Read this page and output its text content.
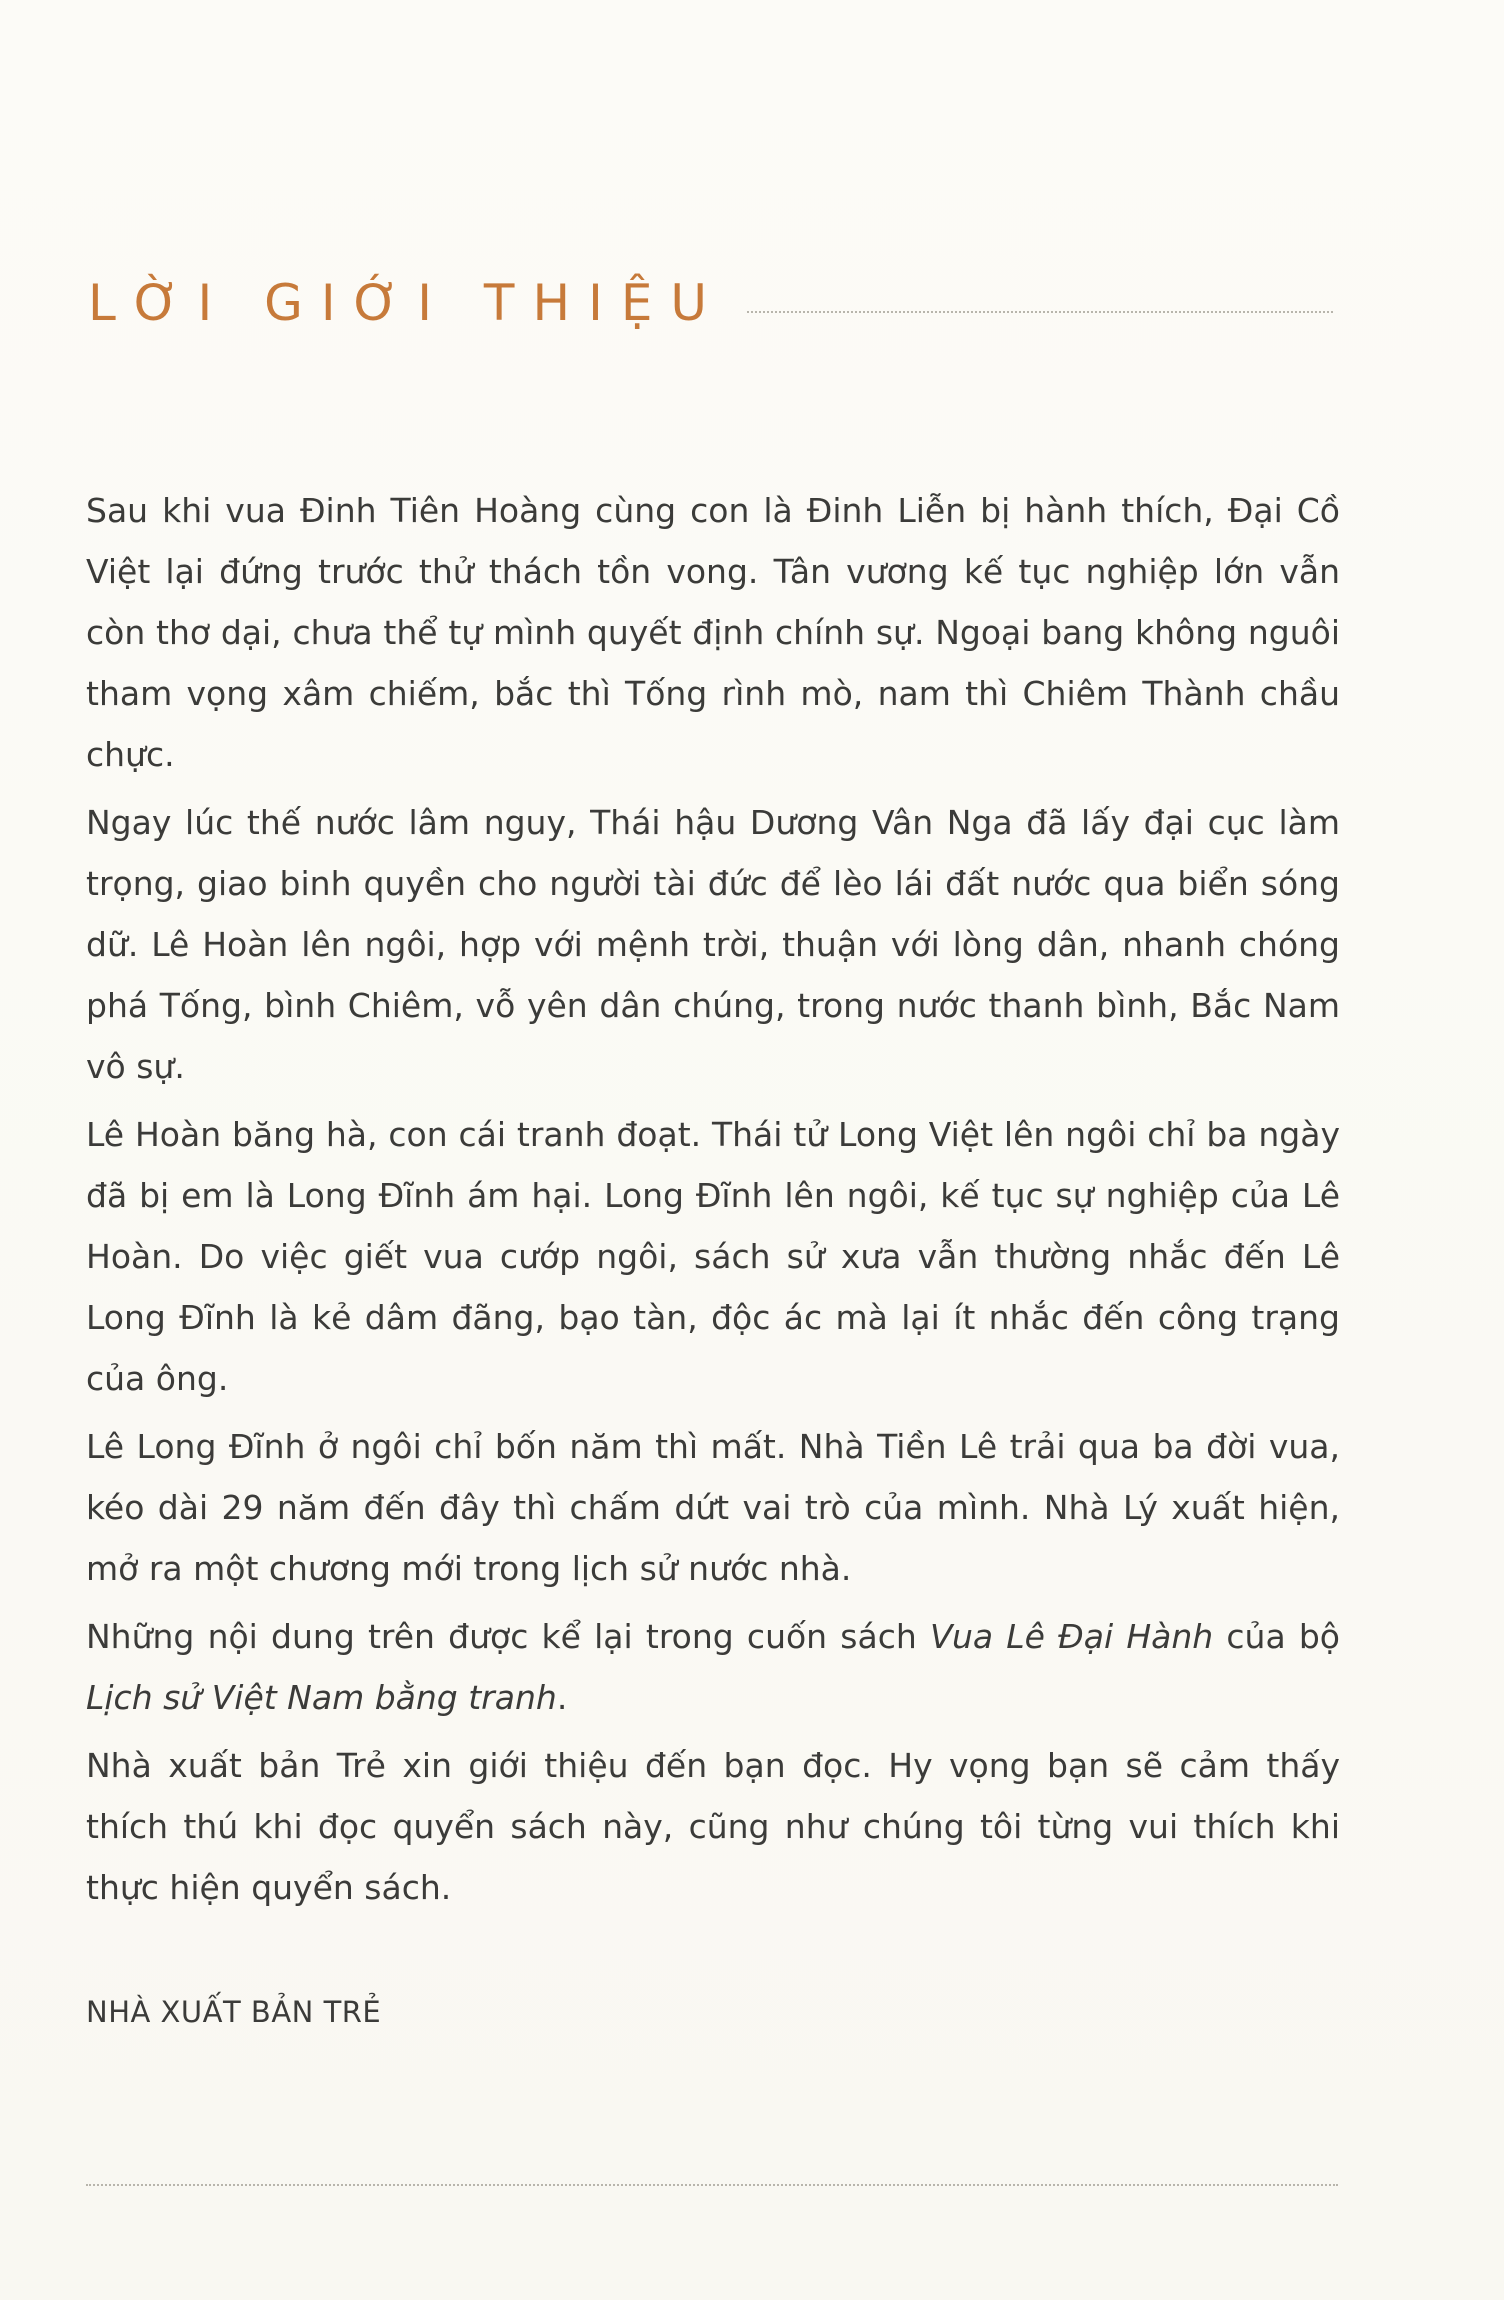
LỜI GIỚI THIỆU

Sau khi vua Đinh Tiên Hoàng cùng con là Đinh Liễn bị hành thích, Đại Cồ Việt lại đứng trước thử thách tồn vong. Tân vương kế tục nghiệp lớn vẫn còn thơ dại, chưa thể tự mình quyết định chính sự. Ngoại bang không nguôi tham vọng xâm chiếm, bắc thì Tống rình mò, nam thì Chiêm Thành chầu chực.

Ngay lúc thế nước lâm nguy, Thái hậu Dương Vân Nga đã lấy đại cục làm trọng, giao binh quyền cho người tài đức để lèo lái đất nước qua biển sóng dữ. Lê Hoàn lên ngôi, hợp với mệnh trời, thuận với lòng dân, nhanh chóng phá Tống, bình Chiêm, vỗ yên dân chúng, trong nước thanh bình, Bắc Nam vô sự.

Lê Hoàn băng hà, con cái tranh đoạt. Thái tử Long Việt lên ngôi chỉ ba ngày đã bị em là Long Đĩnh ám hại. Long Đĩnh lên ngôi, kế tục sự nghiệp của Lê Hoàn. Do việc giết vua cướp ngôi, sách sử xưa vẫn thường nhắc đến Lê Long Đĩnh là kẻ dâm đãng, bạo tàn, độc ác mà lại ít nhắc đến công trạng của ông.

Lê Long Đĩnh ở ngôi chỉ bốn năm thì mất. Nhà Tiền Lê trải qua ba đời vua, kéo dài 29 năm đến đây thì chấm dứt vai trò của mình. Nhà Lý xuất hiện, mở ra một chương mới trong lịch sử nước nhà.

Những nội dung trên được kể lại trong cuốn sách Vua Lê Đại Hành của bộ Lịch sử Việt Nam bằng tranh.

Nhà xuất bản Trẻ xin giới thiệu đến bạn đọc. Hy vọng bạn sẽ cảm thấy thích thú khi đọc quyển sách này, cũng như chúng tôi từng vui thích khi thực hiện quyển sách.

NHÀ XUẤT BẢN TRẺ
